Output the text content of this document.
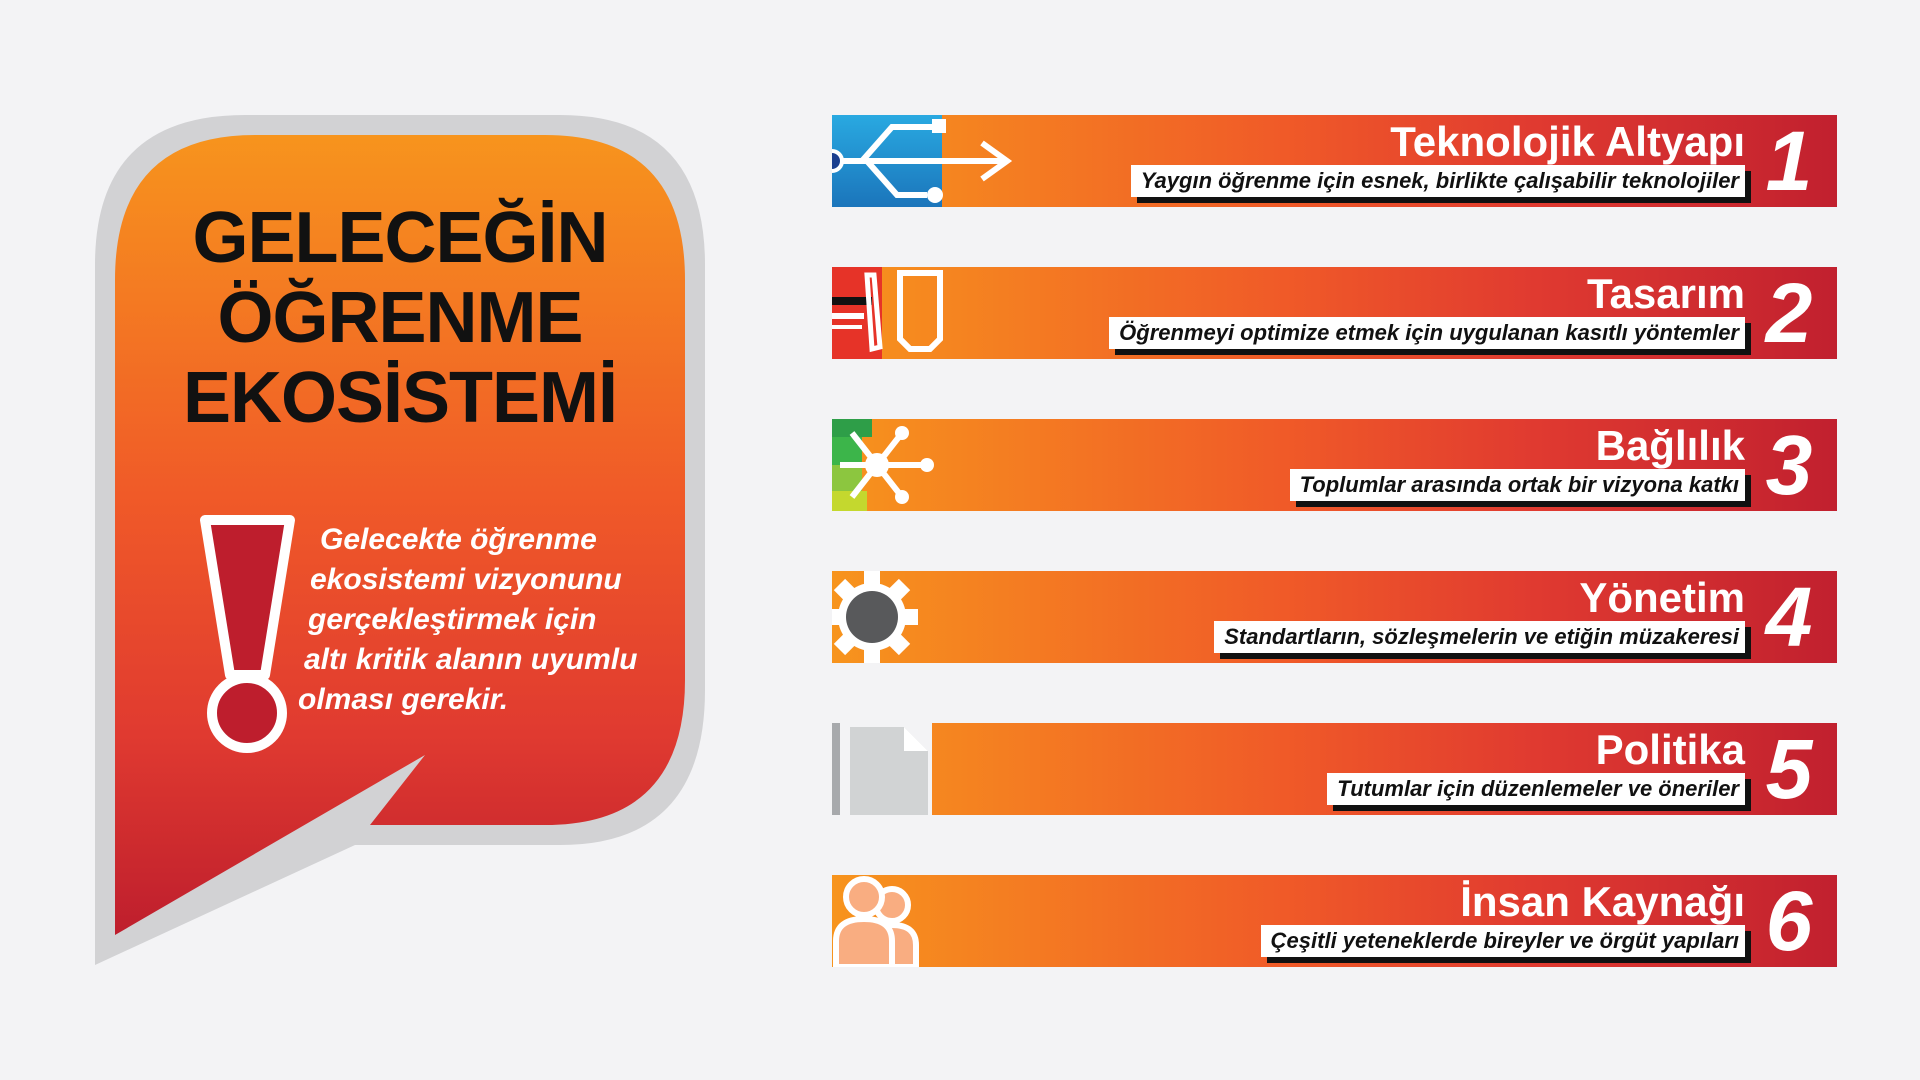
GELECEĞİN
ÖĞRENME
EKOSİSTEMİ

Gelecekte öğrenme
ekosistemi vizyonunu
gerçekleştirmek için
altı kritik alanın uyumlu
olması gerekir.

Teknolojik Altyapı
Yaygın öğrenme için esnek, birlikte çalışabilir teknolojiler 1
Tasarım
Öğrenmeyi optimize etmek için uygulanan kasıtlı yöntemler 2
Bağlılık
Toplumlar arasında ortak bir vizyona katkı 3
Yönetim
Standartların, sözleşmelerin ve etiğin müzakeresi 4
Politika
Tutumlar için düzenlemeler ve öneriler 5
İnsan Kaynağı
Çeşitli yeteneklerde bireyler ve örgüt yapıları 6
